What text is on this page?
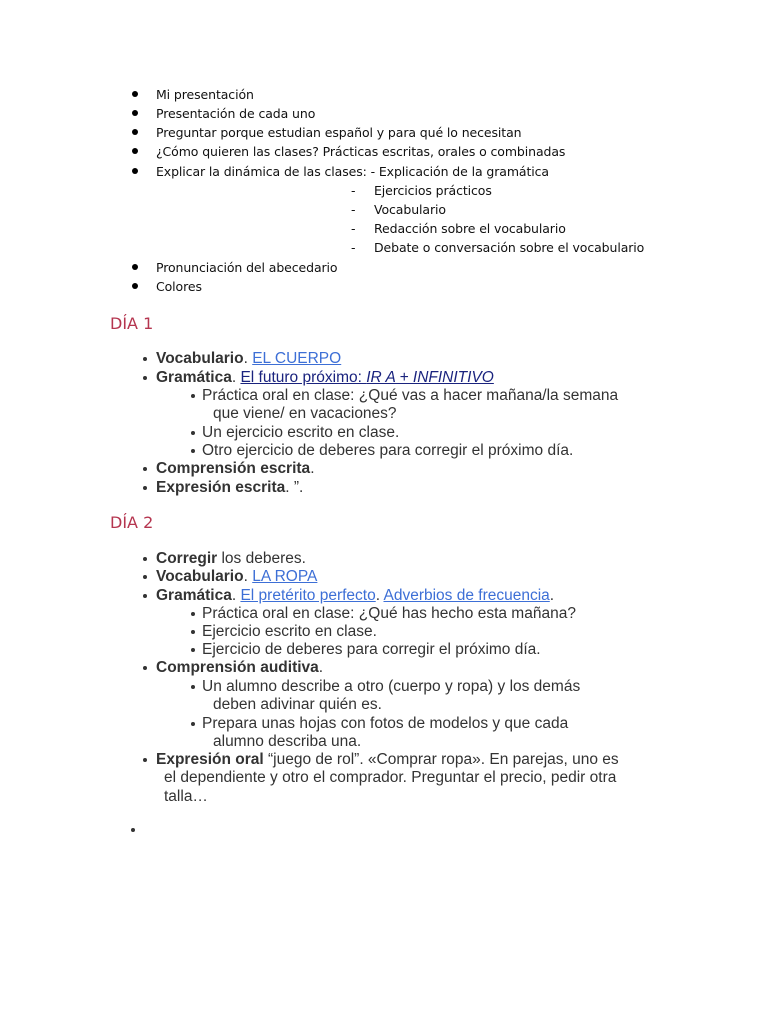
Mi presentación
Presentación de cada uno
Preguntar porque estudian español y para qué lo necesitan
¿Cómo quieren las clases? Prácticas escritas, orales o combinadas
Explicar la dinámica de las clases: - Explicación de la gramática
- Ejercicios prácticos
- Vocabulario
- Redacción sobre el vocabulario
- Debate o conversación sobre el vocabulario
Pronunciación del abecedario
Colores
DÍA 1
Vocabulario. EL CUERPO
Gramática. El futuro próximo: IR A + INFINITIVO
Práctica oral en clase: ¿Qué vas a hacer mañana/la semana
que viene/ en vacaciones?
Un ejercicio escrito en clase.
Otro ejercicio de deberes para corregir el próximo día.
Comprensión escrita.
Expresión escrita. ”.
DÍA 2
Corregir los deberes.
Vocabulario. LA ROPA
Gramática. El pretérito perfecto. Adverbios de frecuencia.
Práctica oral en clase: ¿Qué has hecho esta mañana?
Ejercicio escrito en clase.
Ejercicio de deberes para corregir el próximo día.
Comprensión auditiva.
Un alumno describe a otro (cuerpo y ropa) y los demás
deben adivinar quién es.
Prepara unas hojas con fotos de modelos y que cada
alumno describa una.
Expresión oral “juego de rol”. «Comprar ropa». En parejas, uno es
el dependiente y otro el comprador. Preguntar el precio, pedir otra
talla…
